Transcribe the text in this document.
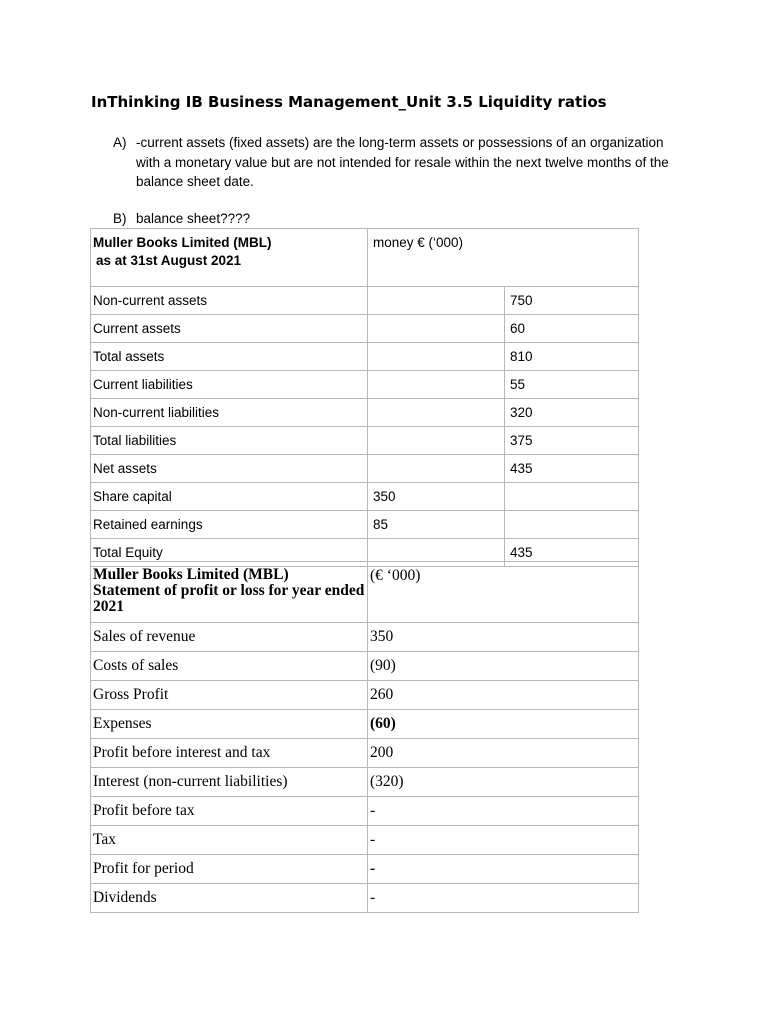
InThinking IB Business Management_Unit 3.5 Liquidity ratios
A) -current assets (fixed assets) are the long-term assets or possessions of an organization with a monetary value but are not intended for resale within the next twelve months of the balance sheet date.
B) balance sheet????
Muller Books Limited (MBL)
as at 31st August 2021	money € (‘000)	
Non-current assets		750
Current assets		60
Total assets		810
Current liabilities		55
Non-current liabilities		320
Total liabilities		375
Net assets		435
Share capital	350	
Retained earnings	85	
Total Equity		435
Muller Books Limited (MBL)
Statement of profit or loss for year ended
2021	(€ ‘000)
Sales of revenue	350
Costs of sales	(90)
Gross Profit	260
Expenses	(60)
Profit before interest and tax	200
Interest (non-current liabilities)	(320)
Profit before tax	-
Tax	-
Profit for period	-
Dividends	-
